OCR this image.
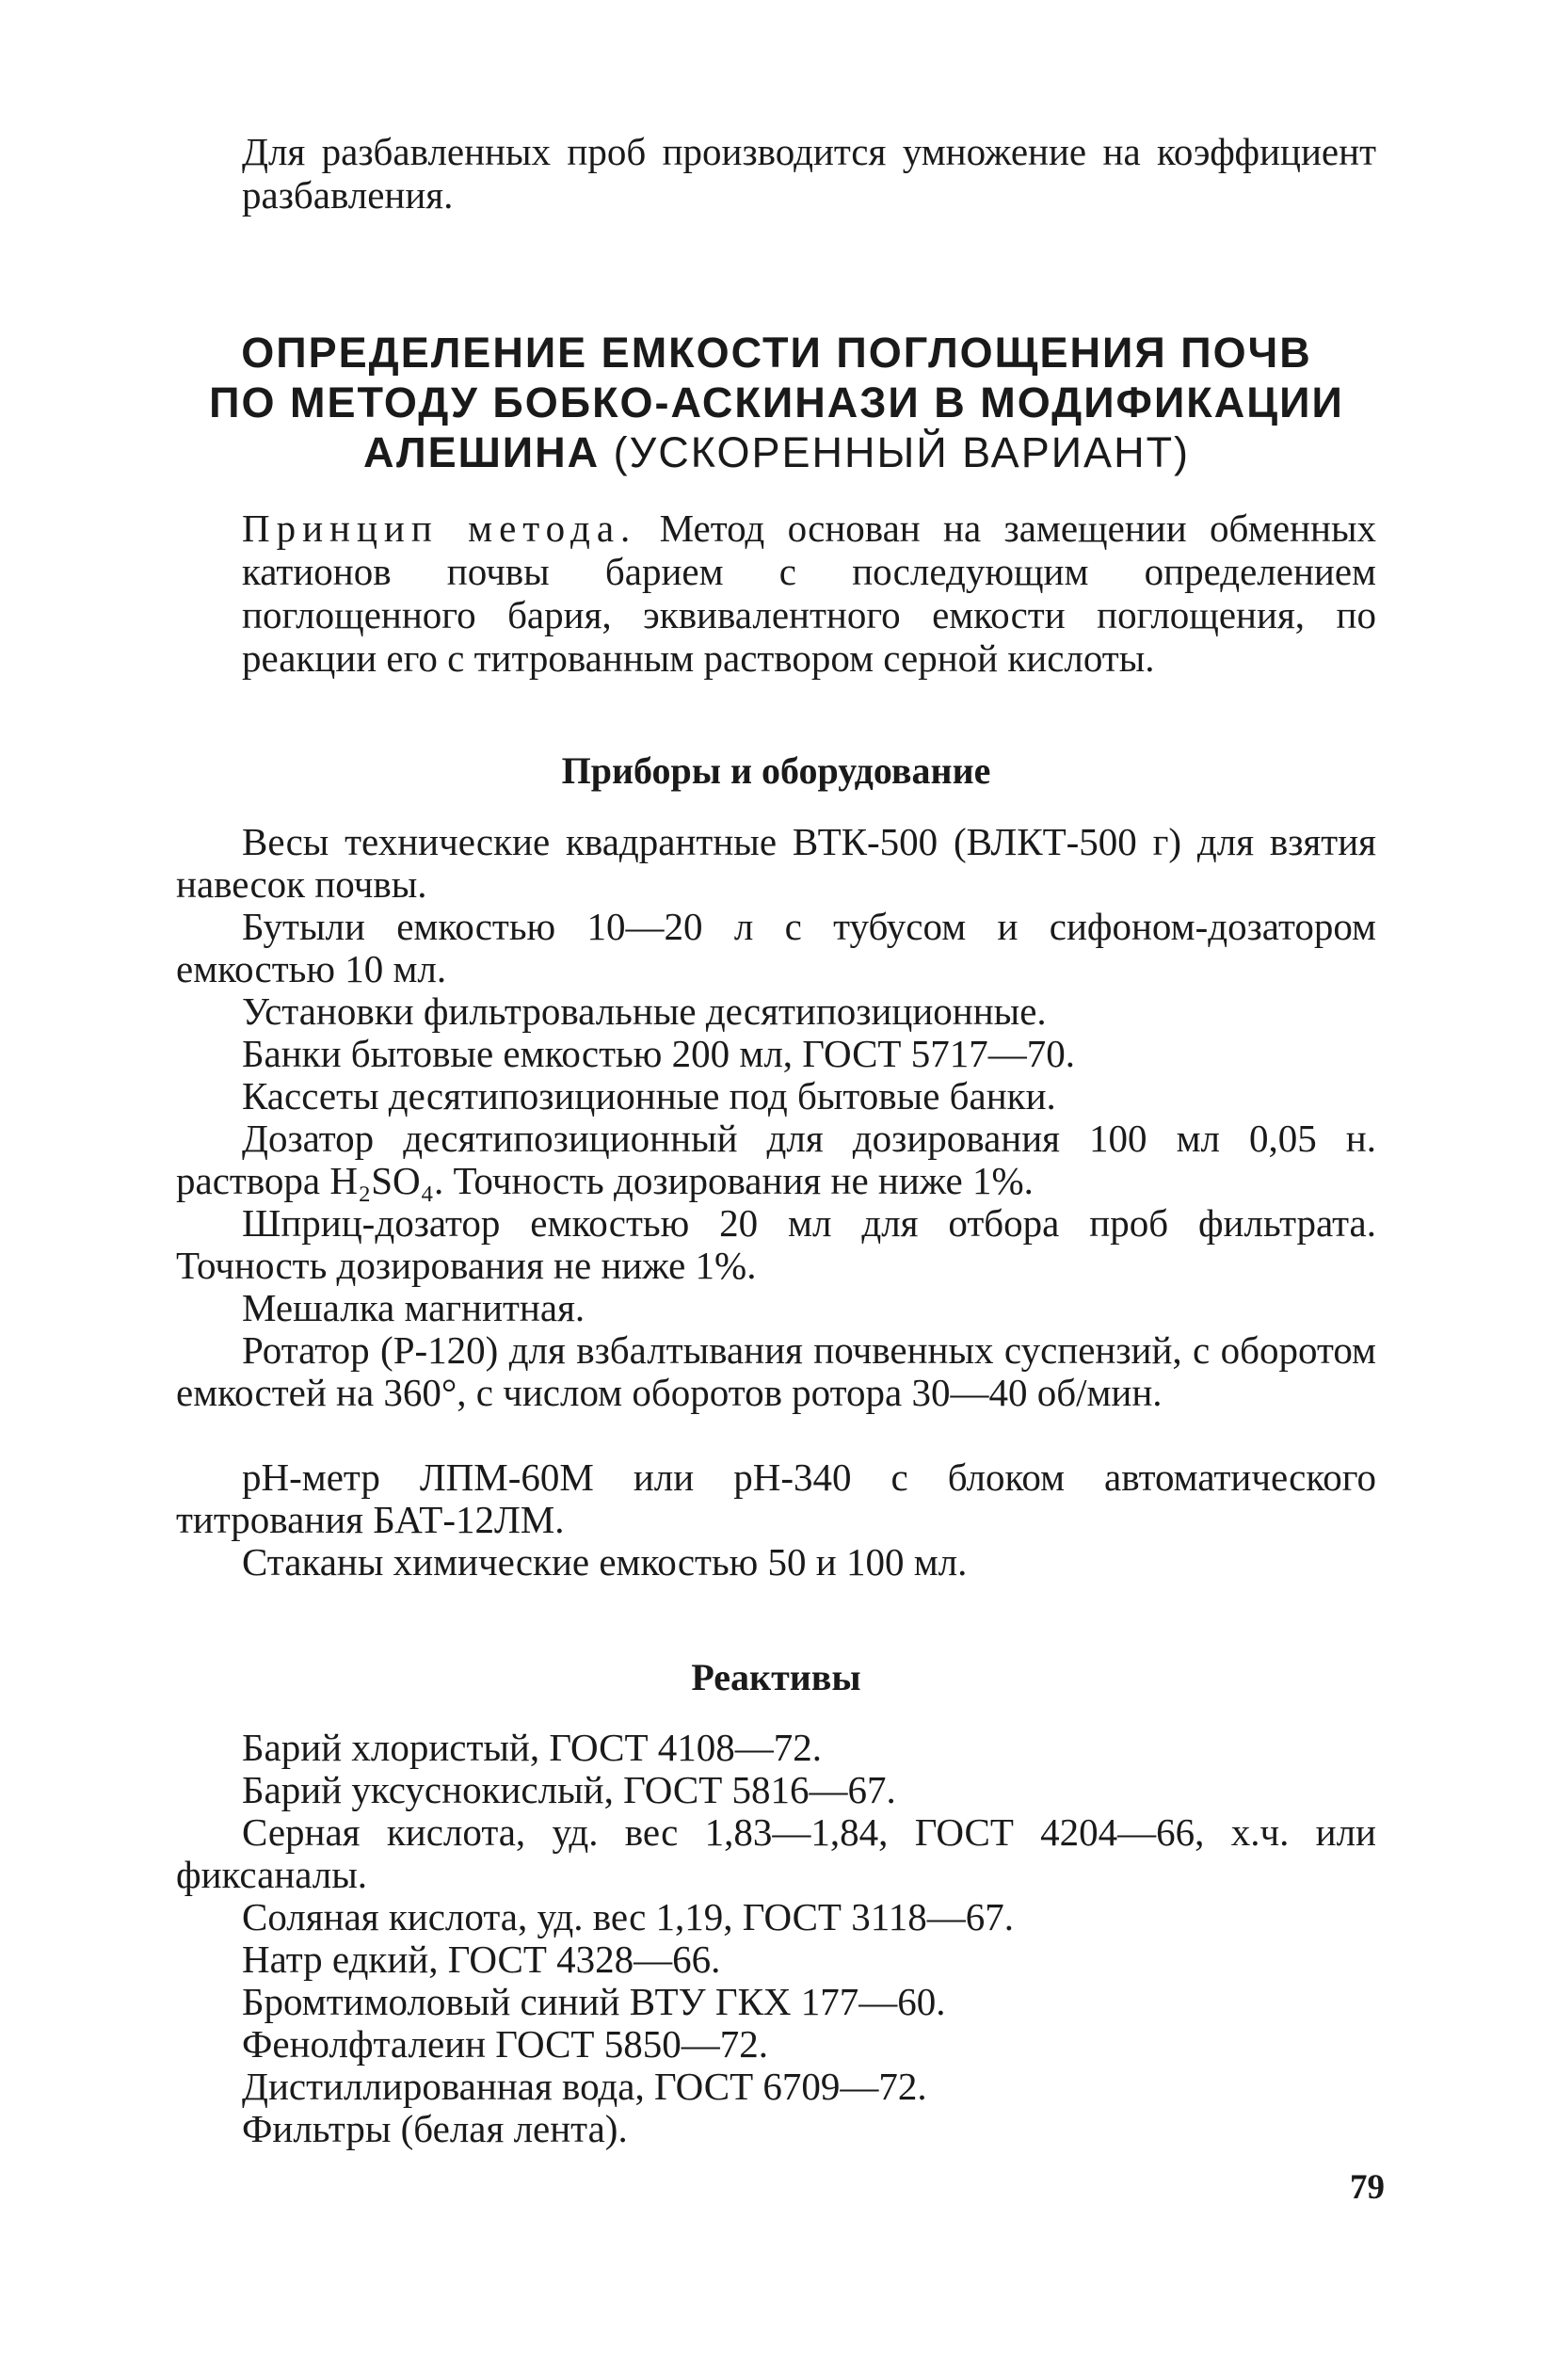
Для разбавленных проб производится умножение на коэффициент разбавления.

ОПРЕДЕЛЕНИЕ ЕМКОСТИ ПОГЛОЩЕНИЯ ПОЧВ
ПО МЕТОДУ БОБКО-АСКИНАЗИ В МОДИФИКАЦИИ
АЛЕШИНА (УСКОРЕННЫЙ ВАРИАНТ)

Принцип метода. Метод основан на замещении обменных катионов почвы барием с последующим определением поглощенного бария, эквивалентного емкости поглощения, по реакции его с титрованным раствором серной кислоты.

Приборы и оборудование

Весы технические квадрантные ВТК-500 (ВЛКТ-500 г) для взятия навесок почвы.

Бутыли емкостью 10—20 л с тубусом и сифоном-дозатором емкостью 10 мл.

Установки фильтровальные десятипозиционные.

Банки бытовые емкостью 200 мл, ГОСТ 5717—70.

Кассеты десятипозиционные под бытовые банки.

Дозатор десятипозиционный для дозирования 100 мл 0,05 н. раствора H₂SO₄. Точность дозирования не ниже 1%.

Шприц-дозатор емкостью 20 мл для отбора проб фильтрата. Точность дозирования не ниже 1%.

Мешалка магнитная.

Ротатор (Р-120) для взбалтывания почвенных суспензий, с оборотом емкостей на 360°, с числом оборотов ротора 30—40 об/мин.

pH-метр ЛПМ-60М или pH-340 с блоком автоматического титрования БАТ-12ЛМ.

Стаканы химические емкостью 50 и 100 мл.

Реактивы

Барий хлористый, ГОСТ 4108—72.

Барий уксуснокислый, ГОСТ 5816—67.

Серная кислота, уд. вес 1,83—1,84, ГОСТ 4204—66, х.ч. или фиксаналы.

Соляная кислота, уд. вес 1,19, ГОСТ 3118—67.

Натр едкий, ГОСТ 4328—66.

Бромтимоловый синий ВТУ ГКХ 177—60.

Фенолфталеин ГОСТ 5850—72.

Дистиллированная вода, ГОСТ 6709—72.

Фильтры (белая лента).

79
